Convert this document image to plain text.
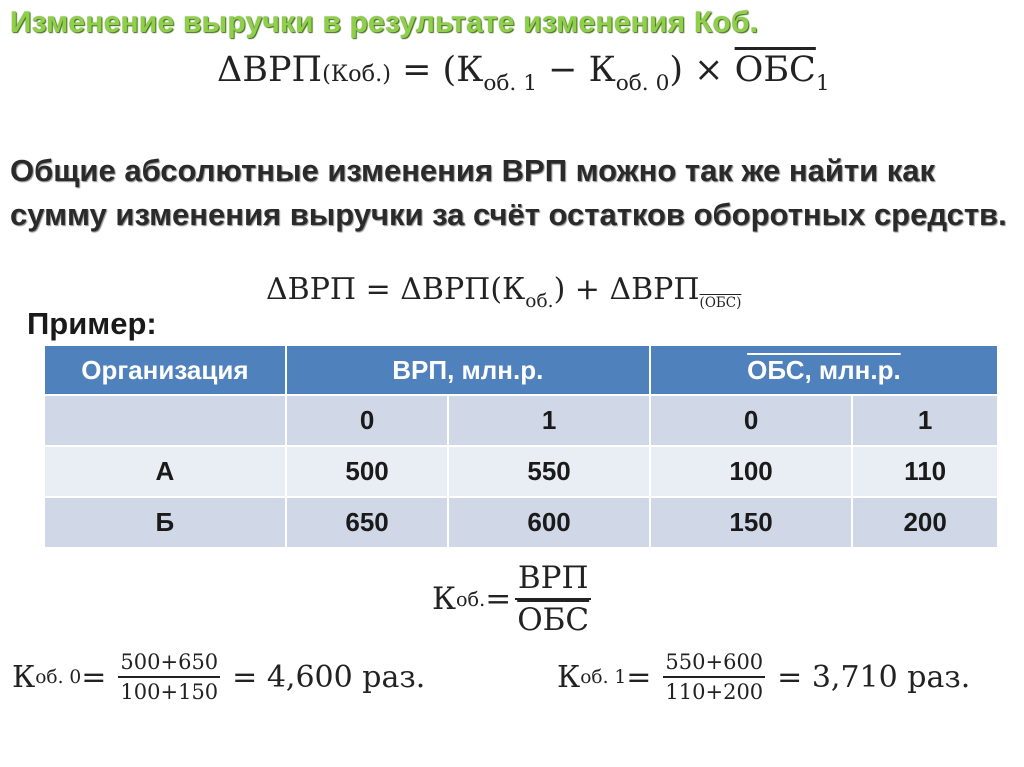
Изменение выручки в результате изменения Коб.
$\Delta ВРП(Коб.) = (К_{об. 1} - К_{об. 0}) \times ОБС_1$
Общие абсолютные изменения ВРП можно так же найти как сумму изменения выручки за счёт остатков оборотных средств.
$\Delta ВРП = \Delta ВРП(К_{об.}) + \Delta ВРП_{(ОБС)}$
Пример:
Организация	ВРП, млн.р.		ОБС, млн.р.	
	0	1	0	1
А	500	550	100	110
Б	650	600	150	200
К об. = $\frac{\text{ВРП}}{\text{ОБС}}$
К об. $0 = \frac{500+650}{100+150} = 4,600$ раз.	К об. $1 = \frac{550+600}{110+200} = 3,710$ раз.
